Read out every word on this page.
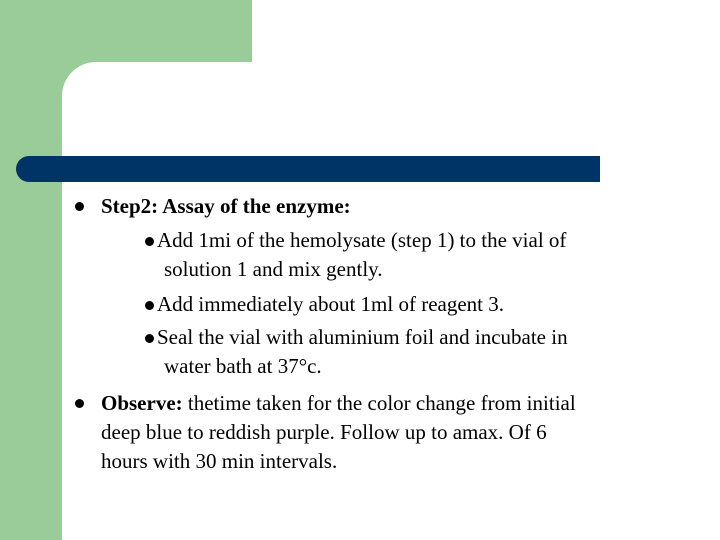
Step2: Assay of the enzyme:
Add 1mi of the hemolysate (step 1) to the vial of
solution 1 and mix gently.
Add immediately about 1ml of reagent 3.
Seal the vial with aluminium foil and incubate in
water bath at 37°c.
Observe: thetime taken for the color change from initial
deep blue to reddish purple. Follow up to amax. Of 6
hours with 30 min intervals.
